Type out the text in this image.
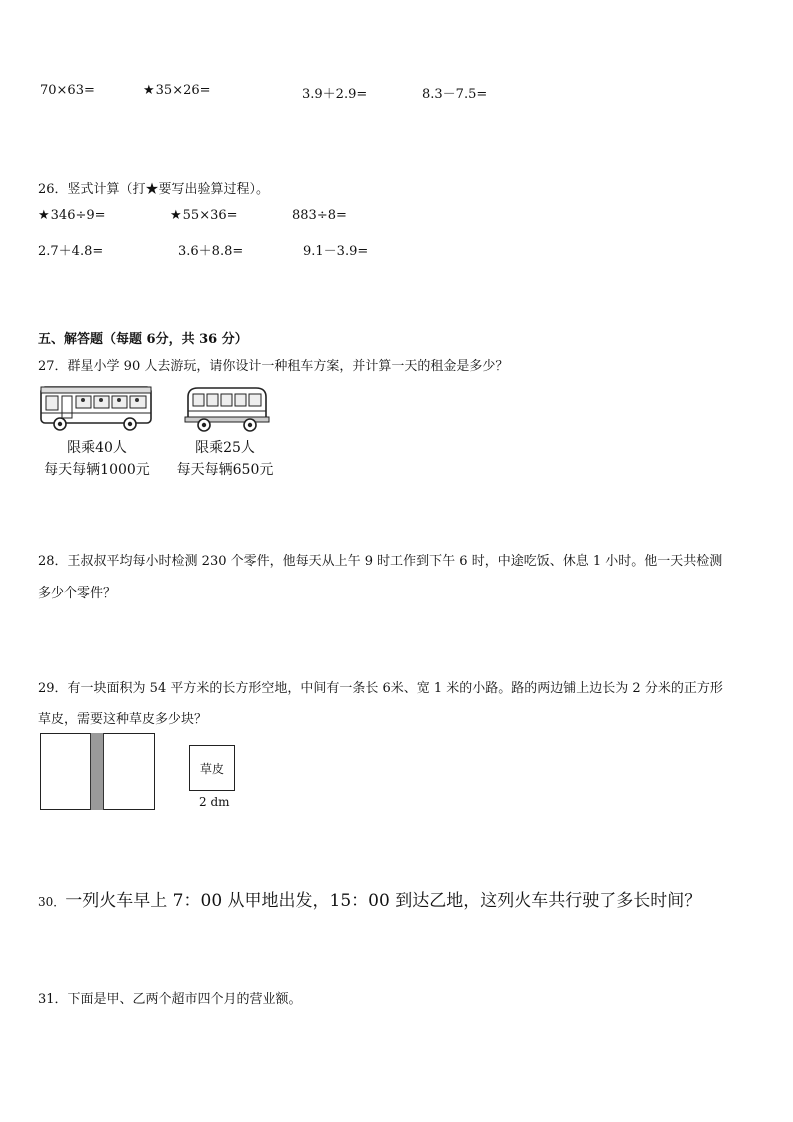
70×63=	★35×26=	3.9＋2.9=	8.3－7.5=
26．竖式计算（打★要写出验算过程）。
★346÷9=	★55×36=	883÷8=
2.7＋4.8=	3.6＋8.8=	9.1－3.9=
五、解答题（每题 6分，共 36 分）
27．群星小学 90 人去游玩，请你设计一种租车方案，并计算一天的租金是多少？
限乘40人
每天每辆1000元
限乘25人
每天每辆650元
28．王叔叔平均每小时检测 230 个零件，他每天从上午 9 时工作到下午 6 时，中途吃饭、休息 1 小时。他一天共检测
多少个零件？
29．有一块面积为 54 平方米的长方形空地，中间有一条长 6米、宽 1 米的小路。路的两边铺上边长为 2 分米的正方形
草皮，需要这种草皮多少块？
草皮
2 dm
30．一列火车早上 7：00 从甲地出发，15：00 到达乙地，这列火车共行驶了多长时间？
31．下面是甲、乙两个超市四个月的营业额。
